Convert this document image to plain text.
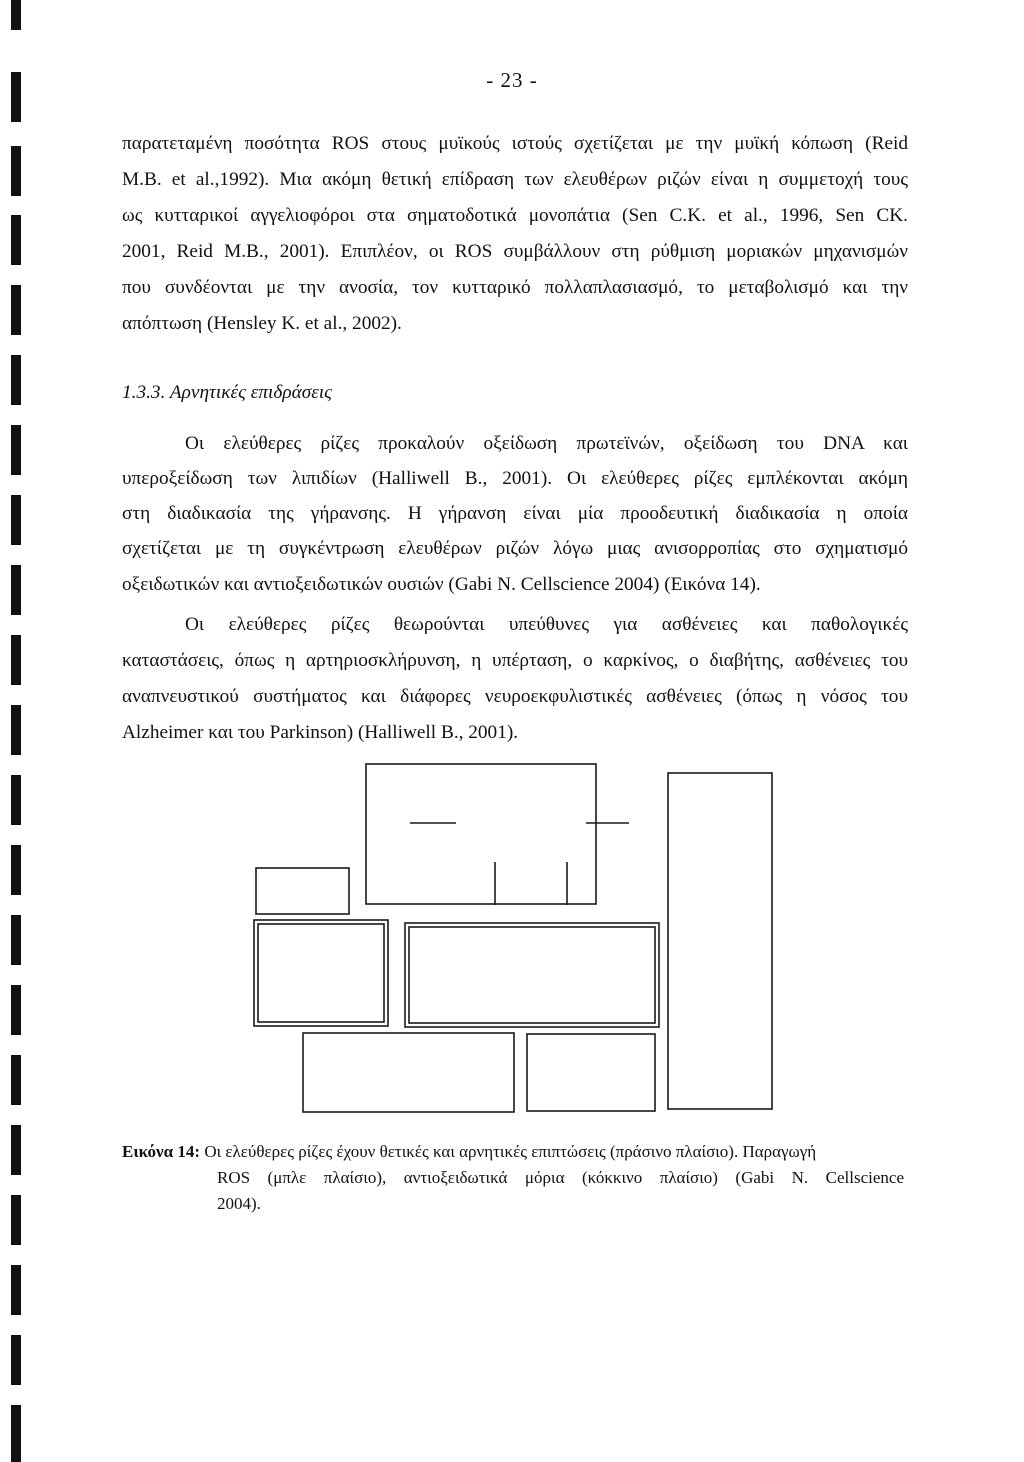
- 23 -
παρατεταμένη ποσότητα ROS στους μυϊκούς ιστούς σχετίζεται με την μυϊκή κόπωση (Reid
M.B. et al.,1992). Μια ακόμη θετική επίδραση των ελευθέρων ριζών είναι η συμμετοχή τους
ως κυτταρικοί αγγελιοφόροι στα σηματοδοτικά μονοπάτια (Sen C.K. et al., 1996, Sen CK.
2001, Reid M.B., 2001). Επιπλέον, οι ROS συμβάλλουν στη ρύθμιση μοριακών μηχανισμών
που συνδέονται με την ανοσία, τον κυτταρικό πολλαπλασιασμό, το μεταβολισμό και την
απόπτωση (Hensley K. et al., 2002).
1.3.3. Αρνητικές επιδράσεις
Οι ελεύθερες ρίζες προκαλούν οξείδωση πρωτεϊνών, οξείδωση του DNA και
υπεροξείδωση των λιπιδίων (Halliwell B., 2001). Οι ελεύθερες ρίζες εμπλέκονται ακόμη
στη διαδικασία της γήρανσης. Η γήρανση είναι μία προοδευτική διαδικασία η οποία
σχετίζεται με τη συγκέντρωση ελευθέρων ριζών λόγω μιας ανισορροπίας στο σχηματισμό
οξειδωτικών και αντιοξειδωτικών ουσιών (Gabi N. Cellscience 2004) (Εικόνα 14).
Οι ελεύθερες ρίζες θεωρούνται υπεύθυνες για ασθένειες και παθολογικές
καταστάσεις, όπως η αρτηριοσκλήρυνση, η υπέρταση, ο καρκίνος, ο διαβήτης, ασθένειες του
αναπνευστικού συστήματος και διάφορες νευροεκφυλιστικές ασθένειες (όπως η νόσος του
Alzheimer και του Parkinson) (Halliwell B., 2001).
Εικόνα 14: Οι ελεύθερες ρίζες έχουν θετικές και αρνητικές επιπτώσεις (πράσινο πλαίσιο). Παραγωγή
ROS (μπλε πλαίσιο), αντιοξειδωτικά μόρια (κόκκινο πλαίσιο) (Gabi N. Cellscience
2004).
